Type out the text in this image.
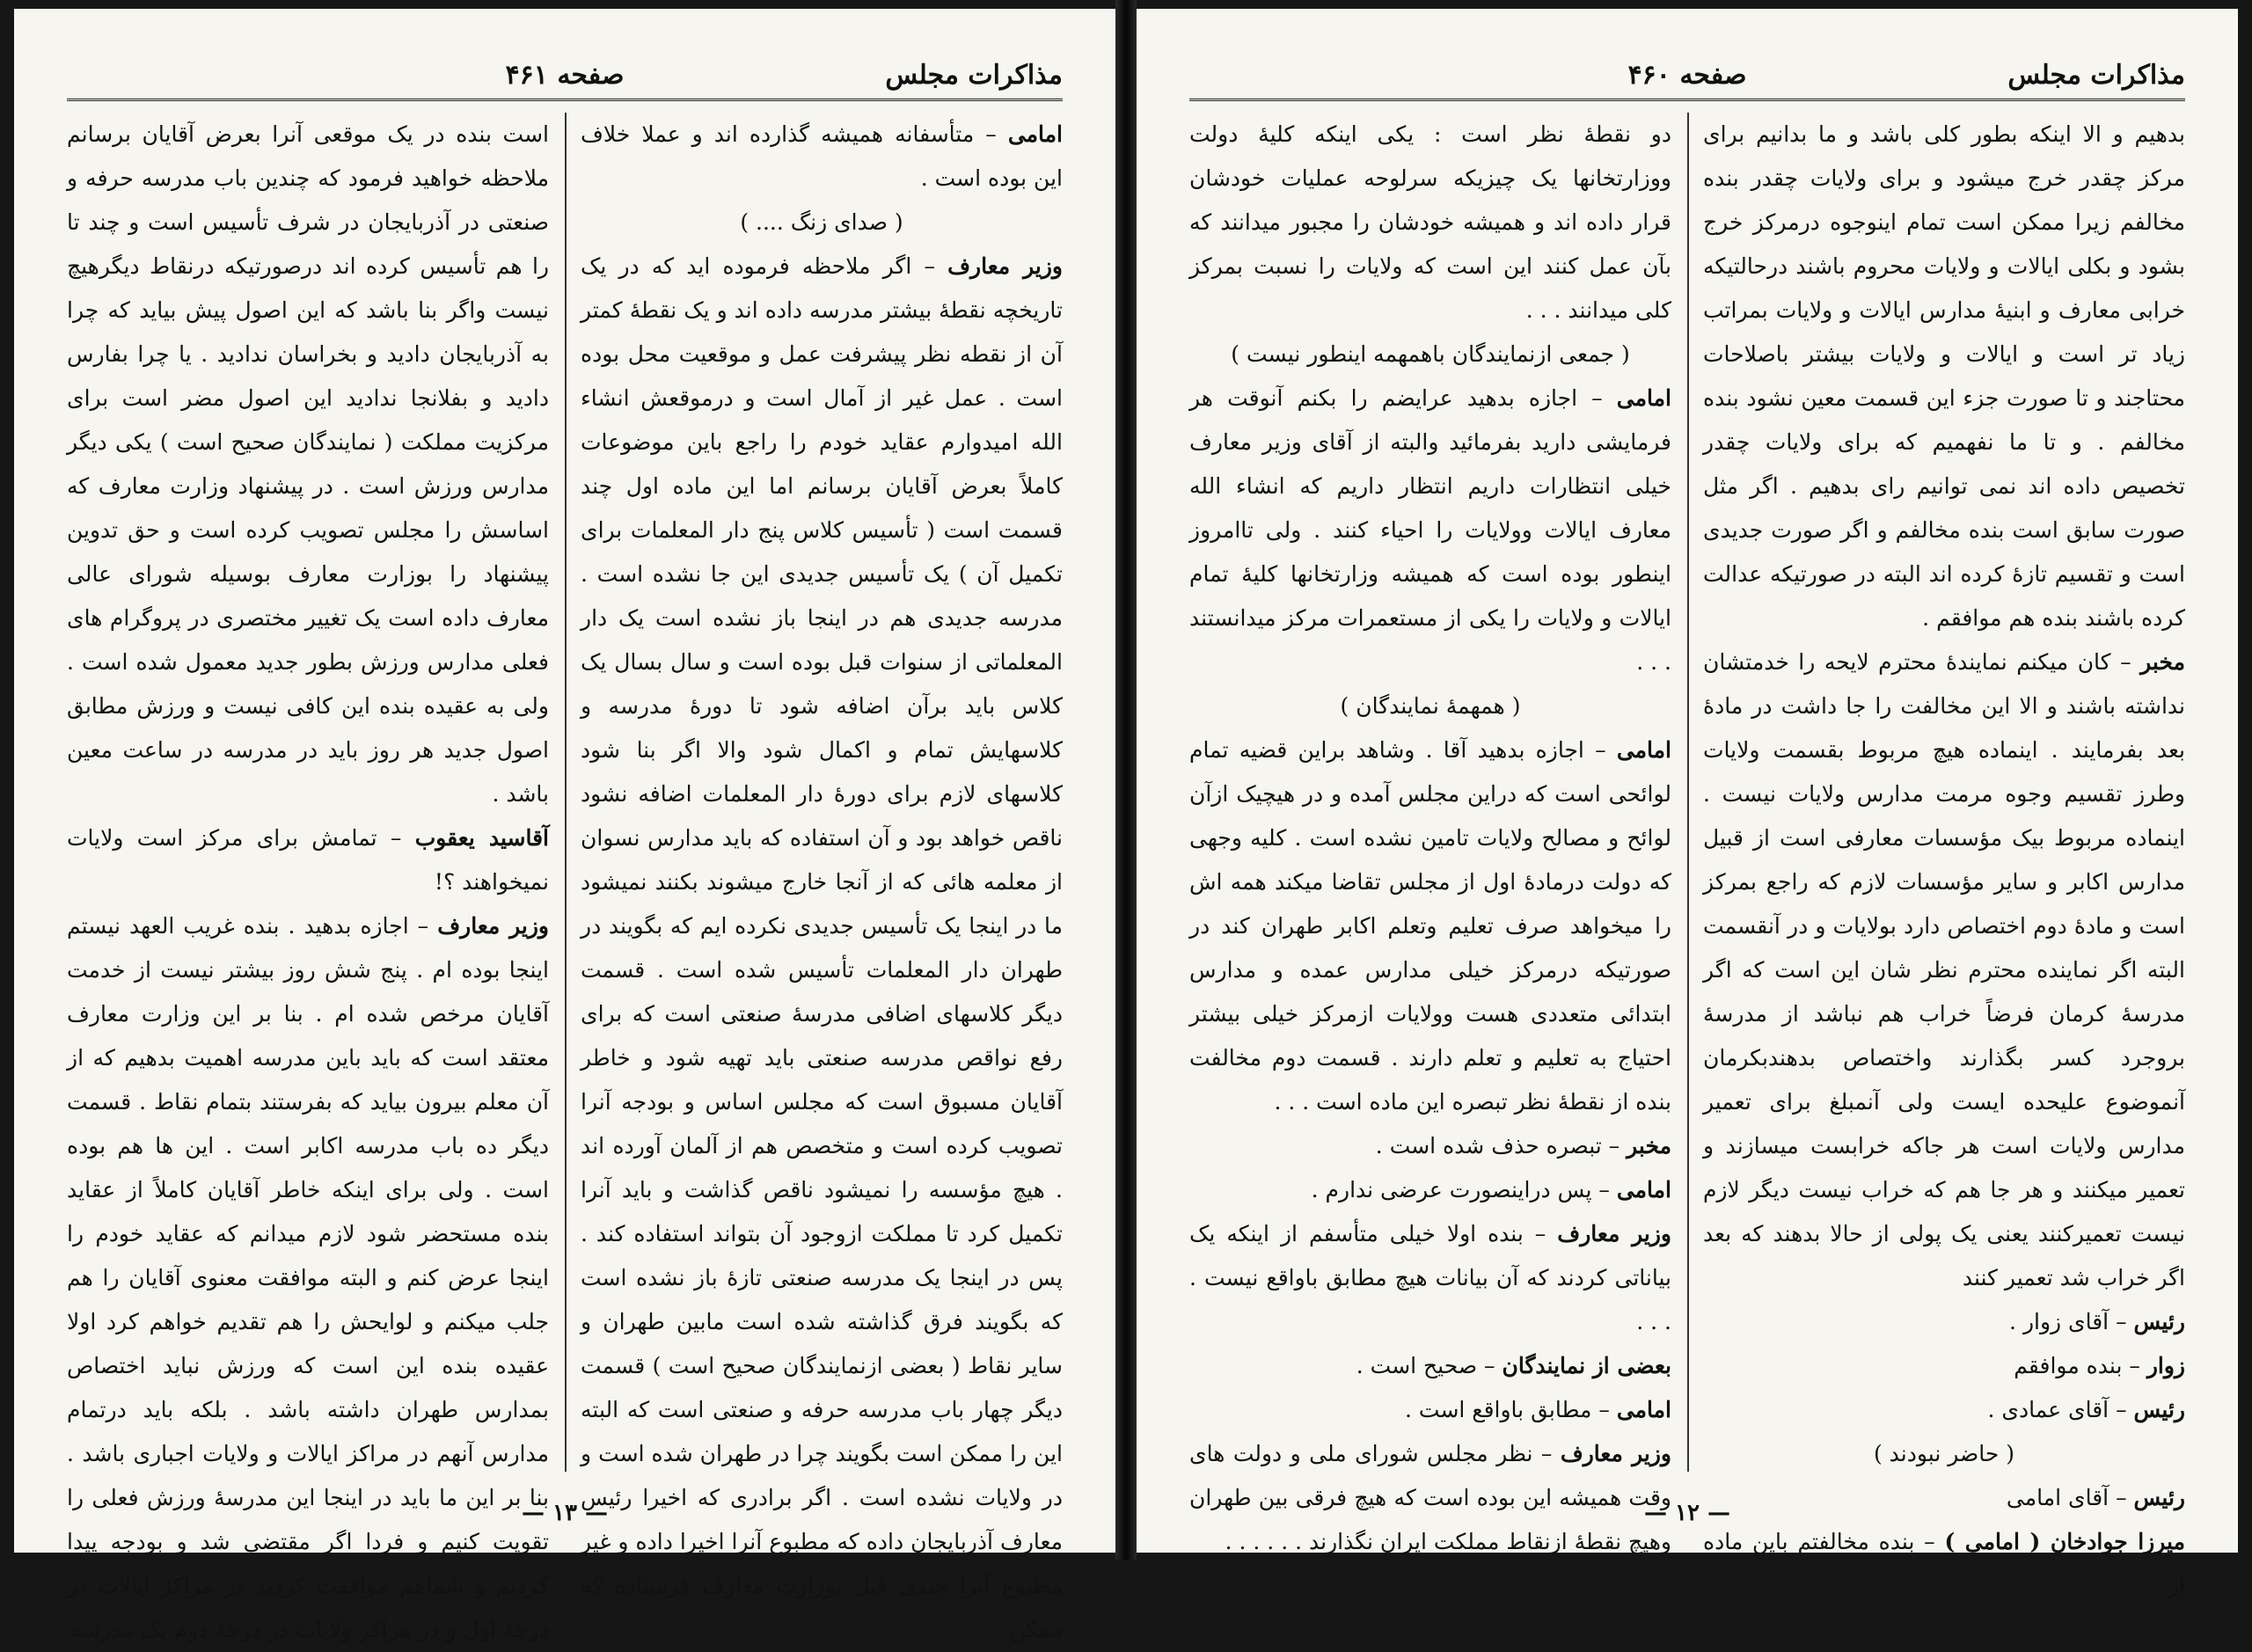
مذاکرات مجلس
صفحه ۴۶۱

امامی – متأسفانه همیشه گذارده اند و عملا خلاف این بوده است .

( صدای زنگ .... )

وزیر معارف – اگر ملاحظه فرموده اید که در یک تاریخچه نقطهٔ بیشتر مدرسه داده اند و یک نقطهٔ کمتر آن از نقطه نظر پیشرفت عمل و موقعیت محل بوده است . عمل غیر از آمال است و درموقعش انشاء الله امیدوارم عقاید خودم را راجع باین موضوعات کاملاً بعرض آقایان برسانم اما این ماده اول چند قسمت است ( تأسیس کلاس پنج دار المعلمات برای تکمیل آن ) یک تأسیس جدیدی این جا نشده است . مدرسه جدیدی هم در اینجا باز نشده است یک دار المعلماتی از سنوات قبل بوده است و سال بسال یک کلاس باید برآن اضافه شود تا دورهٔ مدرسه و کلاسهایش تمام و اکمال شود والا اگر بنا شود کلاسهای لازم برای دورهٔ دار المعلمات اضافه نشود ناقص خواهد بود و آن استفاده که باید مدارس نسوان از معلمه هائی که از آنجا خارج میشوند بکنند نمیشود ما در اینجا یک تأسیس جدیدی نکرده ایم که بگویند در طهران دار المعلمات تأسیس شده است . قسمت دیگر کلاسهای اضافی مدرسهٔ صنعتی است که برای رفع نواقص مدرسه صنعتی باید تهیه شود و خاطر آقایان مسبوق است که مجلس اساس و بودجه آنرا تصویب کرده است و متخصص هم از آلمان آورده اند . هیچ مؤسسه را نمیشود ناقص گذاشت و باید آنرا تکمیل کرد تا مملکت ازوجود آن بتواند استفاده کند . پس در اینجا یک مدرسه صنعتی تازهٔ باز نشده است که بگویند فرق گذاشته شده است مابین طهران و سایر نقاط ( بعضی ازنمایندگان صحیح است ) قسمت دیگر چهار باب مدرسه حرفه و صنعتی است که البته این را ممکن است بگویند چرا در طهران شده است و در ولایات نشده است . اگر برادری که اخیرا رئیس معارف آذربایجان داده که مطبوع آنرا اخیرا داده و غیر مطبوع آنرا چندی قبل بوزارت معارف فرستاده که ممکن

است بنده در یک موقعی آنرا بعرض آقایان برسانم ملاحظه خواهید فرمود که چندین باب مدرسه حرفه و صنعتی در آذربایجان در شرف تأسیس است و چند تا را هم تأسیس کرده اند درصورتیکه درنقاط دیگرهیچ نیست واگر بنا باشد که این اصول پیش بیاید که چرا به آذربایجان دادید و بخراسان ندادید . یا چرا بفارس دادید و بفلانجا ندادید این اصول مضر است برای مرکزیت مملکت ( نمایندگان صحیح است ) یکی دیگر مدارس ورزش است . در پیشنهاد وزارت معارف که اساسش را مجلس تصویب کرده است و حق تدوین پیشنهاد را بوزارت معارف بوسیله شورای عالی معارف داده است یک تغییر مختصری در پروگرام های فعلی مدارس ورزش بطور جدید معمول شده است . ولی به عقیده بنده این کافی نیست و ورزش مطابق اصول جدید هر روز باید در مدرسه در ساعت معین باشد .

آقاسید یعقوب – تمامش برای مرکز است ولایات نمیخواهند ؟!

وزیر معارف – اجازه بدهید . بنده غریب العهد نیستم اینجا بوده ام . پنج شش روز بیشتر نیست از خدمت آقایان مرخص شده ام . بنا بر این وزارت معارف معتقد است که باید باین مدرسه اهمیت بدهیم که از آن معلم بیرون بیاید که بفرستند بتمام نقاط . قسمت دیگر ده باب مدرسه اکابر است . این ها هم بوده است . ولی برای اینکه خاطر آقایان کاملاً از عقاید بنده مستحضر شود لازم میدانم که عقاید خودم را اینجا عرض کنم و البته موافقت معنوی آقایان را هم جلب میکنم و لوایحش را هم تقدیم خواهم کرد اولا عقیده بنده این است که ورزش نباید اختصاص بمدارس طهران داشته باشد . بلکه باید درتمام مدارس آنهم در مراکز ایالات و ولایات اجباری باشد . بنا بر این ما باید در اینجا این مدرسهٔ ورزش فعلی را تقویت کنیم و فردا اگر مقتضی شد و بودجه پیدا کردیم و شماهم موافقت کردید در مراکز ایالات در درجهٔ اول و در مراکز ولایات در درجهٔ دوم یک مدرسه

— ۱۳ —
مذاکرات مجلس
صفحه ۴۶۰

بدهیم و الا اینکه بطور کلی باشد و ما بدانیم برای مرکز چقدر خرج میشود و برای ولایات چقدر بنده مخالفم زیرا ممکن است تمام اینوجوه درمرکز خرج بشود و بکلی ایالات و ولایات محروم باشند درحالتیکه خرابی معارف و ابنیهٔ مدارس ایالات و ولایات بمراتب زیاد تر است و ایالات و ولایات بیشتر باصلاحات محتاجند و تا صورت جزء این قسمت معین نشود بنده مخالفم . و تا ما نفهمیم که برای ولایات چقدر تخصیص داده اند نمی توانیم رای بدهیم . اگر مثل صورت سابق است بنده مخالفم و اگر صورت جدیدی است و تقسیم تازهٔ کرده اند البته در صورتیکه عدالت کرده باشند بنده هم موافقم .

مخبر – کان میکنم نمایندهٔ محترم لایحه را خدمتشان نداشته باشند و الا این مخالفت را جا داشت در مادهٔ بعد بفرمایند . اینماده هیچ مربوط بقسمت ولایات وطرز تقسیم وجوه مرمت مدارس ولایات نیست . اینماده مربوط بیک مؤسسات معارفی است از قبیل مدارس اکابر و سایر مؤسسات لازم که راجع بمرکز است و مادهٔ دوم اختصاص دارد بولایات و در آنقسمت البته اگر نماینده محترم نظر شان این است که اگر مدرسهٔ کرمان فرضاً خراب هم نباشد از مدرسهٔ بروجرد کسر بگذارند واختصاص بدهندبکرمان آنموضوع علیحده ایست ولی آنمبلغ برای تعمیر مدارس ولایات است هر جاکه خرابست میسازند و تعمیر میکنند و هر جا هم که خراب نیست دیگر لازم نیست تعمیرکنند یعنی یک پولی از حالا بدهند که بعد اگر خراب شد تعمیر کنند

رئیس – آقای زوار .

زوار – بنده موافقم

رئیس – آقای عمادی .

( حاضر نبودند )

رئیس – آقای امامی

میرزا جوادخان ( امامی ) – بنده مخالفتم باین ماده از

دو نقطهٔ نظر است : یکی اینکه کلیهٔ دولت ووزارتخانها یک چیزیکه سرلوحه عملیات خودشان قرار داده اند و همیشه خودشان را مجبور میدانند که بآن عمل کنند این است که ولایات را نسبت بمرکز کلی میدانند . . .

( جمعی ازنمایندگان باهمهمه اینطور نیست )

امامی – اجازه بدهید عرایضم را بکنم آنوقت هر فرمایشی دارید بفرمائید والبته از آقای وزیر معارف خیلی انتظارات داریم انتظار داریم که انشاء الله معارف ایالات وولایات را احیاء کنند . ولی تاامروز اینطور بوده است که همیشه وزارتخانها کلیهٔ تمام ایالات و ولایات را یکی از مستعمرات مرکز میدانستند . . .

( همهمهٔ نمایندگان )

امامی – اجازه بدهید آقا . وشاهد براین قضیه تمام لوائحی است که دراین مجلس آمده و در هیچیک ازآن لوائح و مصالح ولایات تامین نشده است . کلیه وجهی که دولت درمادهٔ اول از مجلس تقاضا میکند همه اش را میخواهد صرف تعلیم وتعلم اکابر طهران کند در صورتیکه درمرکز خیلی مدارس عمده و مدارس ابتدائی متعددی هست وولایات ازمرکز خیلی بیشتر احتیاج به تعلیم و تعلم دارند . قسمت دوم مخالفت بنده از نقطهٔ نظر تبصره این ماده است . . .

مخبر – تبصره حذف شده است .

امامی – پس دراینصورت عرضی ندارم .

وزیر معارف – بنده اولا خیلی متأسفم از اینکه یک بیاناتی کردند که آن بیانات هیچ مطابق باواقع نیست . . . .

بعضی از نمایندگان – صحیح است .

امامی – مطابق باواقع است .

وزیر معارف – نظر مجلس شورای ملی و دولت های وقت همیشه این بوده است که هیچ فرقی بین طهران وهیچ نقطهٔ ازنقاط مملکت ایران نگذارند . . . . . .

— ۱۲ —
